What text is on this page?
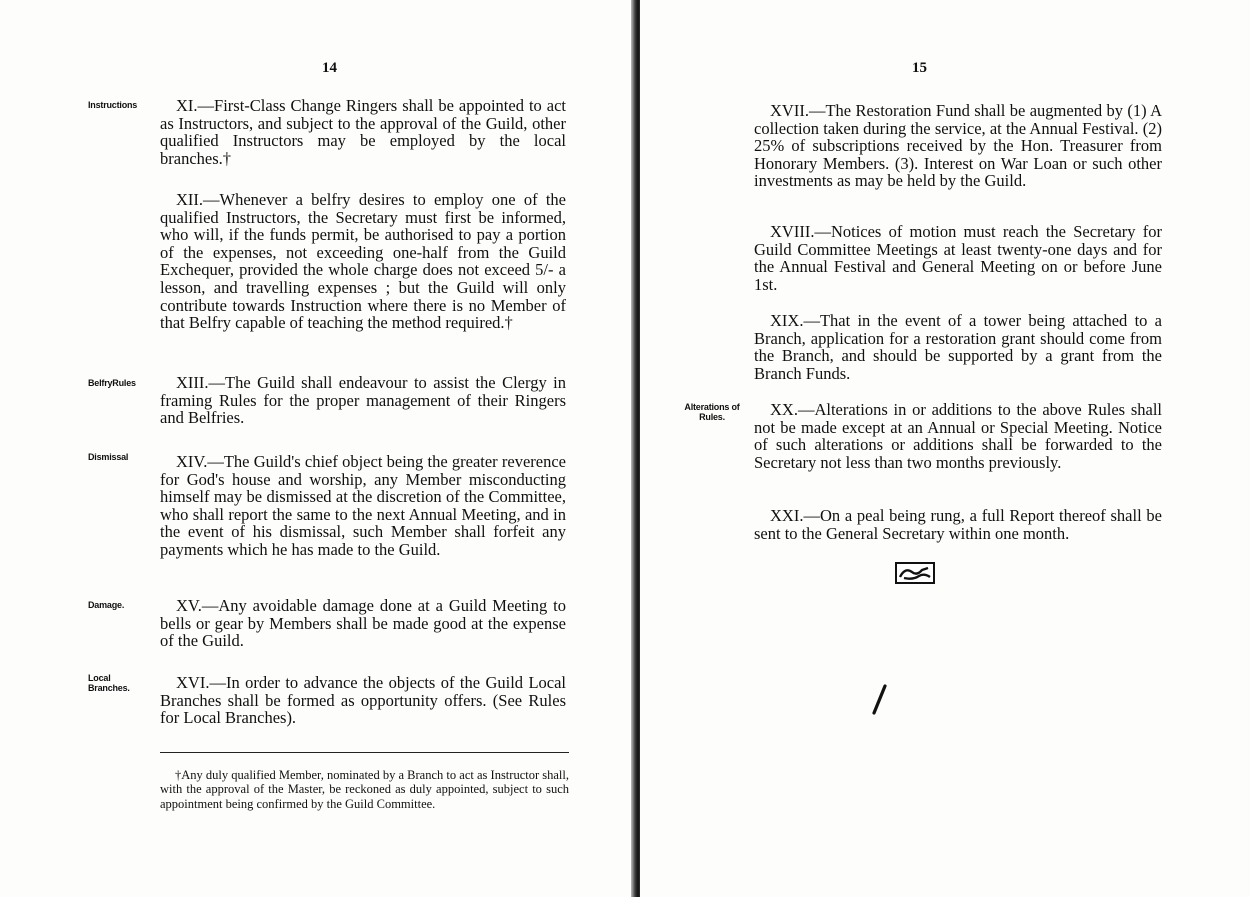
14
Instructions	XI.—First-Class Change Ringers shall be appointed to act as Instructors, and subject to the approval of the Guild, other qualified Instructors may be employed by the local branches.†

XII.—Whenever a belfry desires to employ one of the qualified Instructors, the Secretary must first be informed, who will, if the funds permit, be authorised to pay a portion of the expenses, not exceeding one-half from the Guild Exchequer, provided the whole charge does not exceed 5/- a lesson, and travelling expenses ; but the Guild will only contribute towards Instruction where there is no Member of that Belfry capable of teaching the method required.†

BelfryRules	XIII.—The Guild shall endeavour to assist the Clergy in framing Rules for the proper management of their Ringers and Belfries.

Dismissal	XIV.—The Guild's chief object being the greater reverence for God's house and worship, any Member misconducting himself may be dismissed at the discretion of the Committee, who shall report the same to the next Annual Meeting, and in the event of his dismissal, such Member shall forfeit any payments which he has made to the Guild.

Damage.	XV.—Any avoidable damage done at a Guild Meeting to bells or gear by Members shall be made good at the expense of the Guild.

Local Branches.	XVI.—In order to advance the objects of the Guild Local Branches shall be formed as opportunity offers. (See Rules for Local Branches).

†Any duly qualified Member, nominated by a Branch to act as Instructor shall, with the approval of the Master, be reckoned as duly appointed, subject to such appointment being confirmed by the Guild Committee.

15

XVII.—The Restoration Fund shall be augmented by (1) A collection taken during the service, at the Annual Festival. (2) 25% of subscriptions received by the Hon. Treasurer from Honorary Members. (3). Interest on War Loan or such other investments as may be held by the Guild.

XVIII.—Notices of motion must reach the Secretary for Guild Committee Meetings at least twenty-one days and for the Annual Festival and General Meeting on or before June 1st.

XIX.—That in the event of a tower being attached to a Branch, application for a restoration grant should come from the Branch, and should be supported by a grant from the Branch Funds.

Alterations of Rules.	XX.—Alterations in or additions to the above Rules shall not be made except at an Annual or Special Meeting. Notice of such alterations or additions shall be forwarded to the Secretary not less than two months previously.

XXI.—On a peal being rung, a full Report thereof shall be sent to the General Secretary within one month.
